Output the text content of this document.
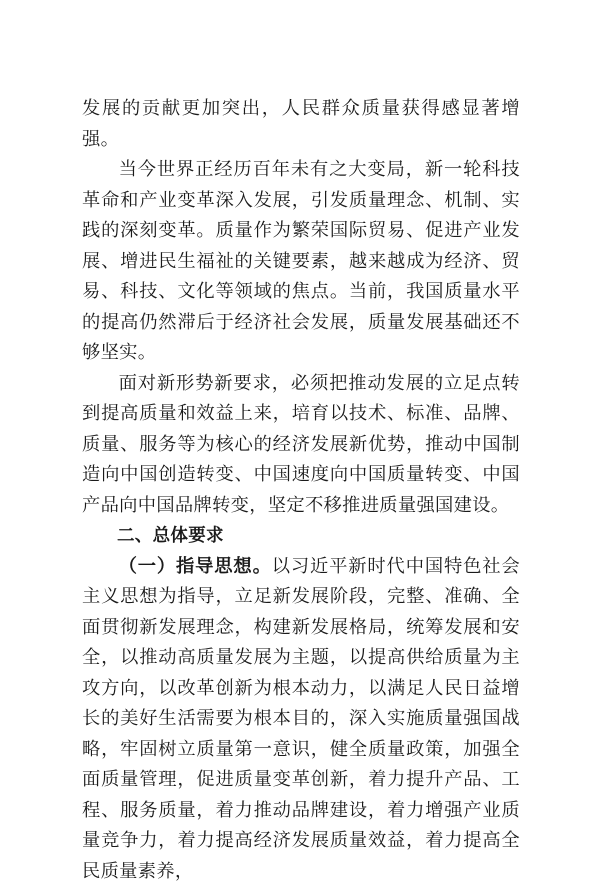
发展的贡献更加突出，人民群众质量获得感显著增强。

当今世界正经历百年未有之大变局，新一轮科技革命和产业变革深入发展，引发质量理念、机制、实践的深刻变革。质量作为繁荣国际贸易、促进产业发展、增进民生福祉的关键要素，越来越成为经济、贸易、科技、文化等领域的焦点。当前，我国质量水平的提高仍然滞后于经济社会发展，质量发展基础还不够坚实。

面对新形势新要求，必须把推动发展的立足点转到提高质量和效益上来，培育以技术、标准、品牌、质量、服务等为核心的经济发展新优势，推动中国制造向中国创造转变、中国速度向中国质量转变、中国产品向中国品牌转变，坚定不移推进质量强国建设。

二、总体要求

（一）指导思想。以习近平新时代中国特色社会主义思想为指导，立足新发展阶段，完整、准确、全面贯彻新发展理念，构建新发展格局，统筹发展和安全，以推动高质量发展为主题，以提高供给质量为主攻方向，以改革创新为根本动力，以满足人民日益增长的美好生活需要为根本目的，深入实施质量强国战略，牢固树立质量第一意识，健全质量政策，加强全面质量管理，促进质量变革创新，着力提升产品、工程、服务质量，着力推动品牌建设，着力增强产业质量竞争力，着力提高经济发展质量效益，着力提高全民质量素养，
